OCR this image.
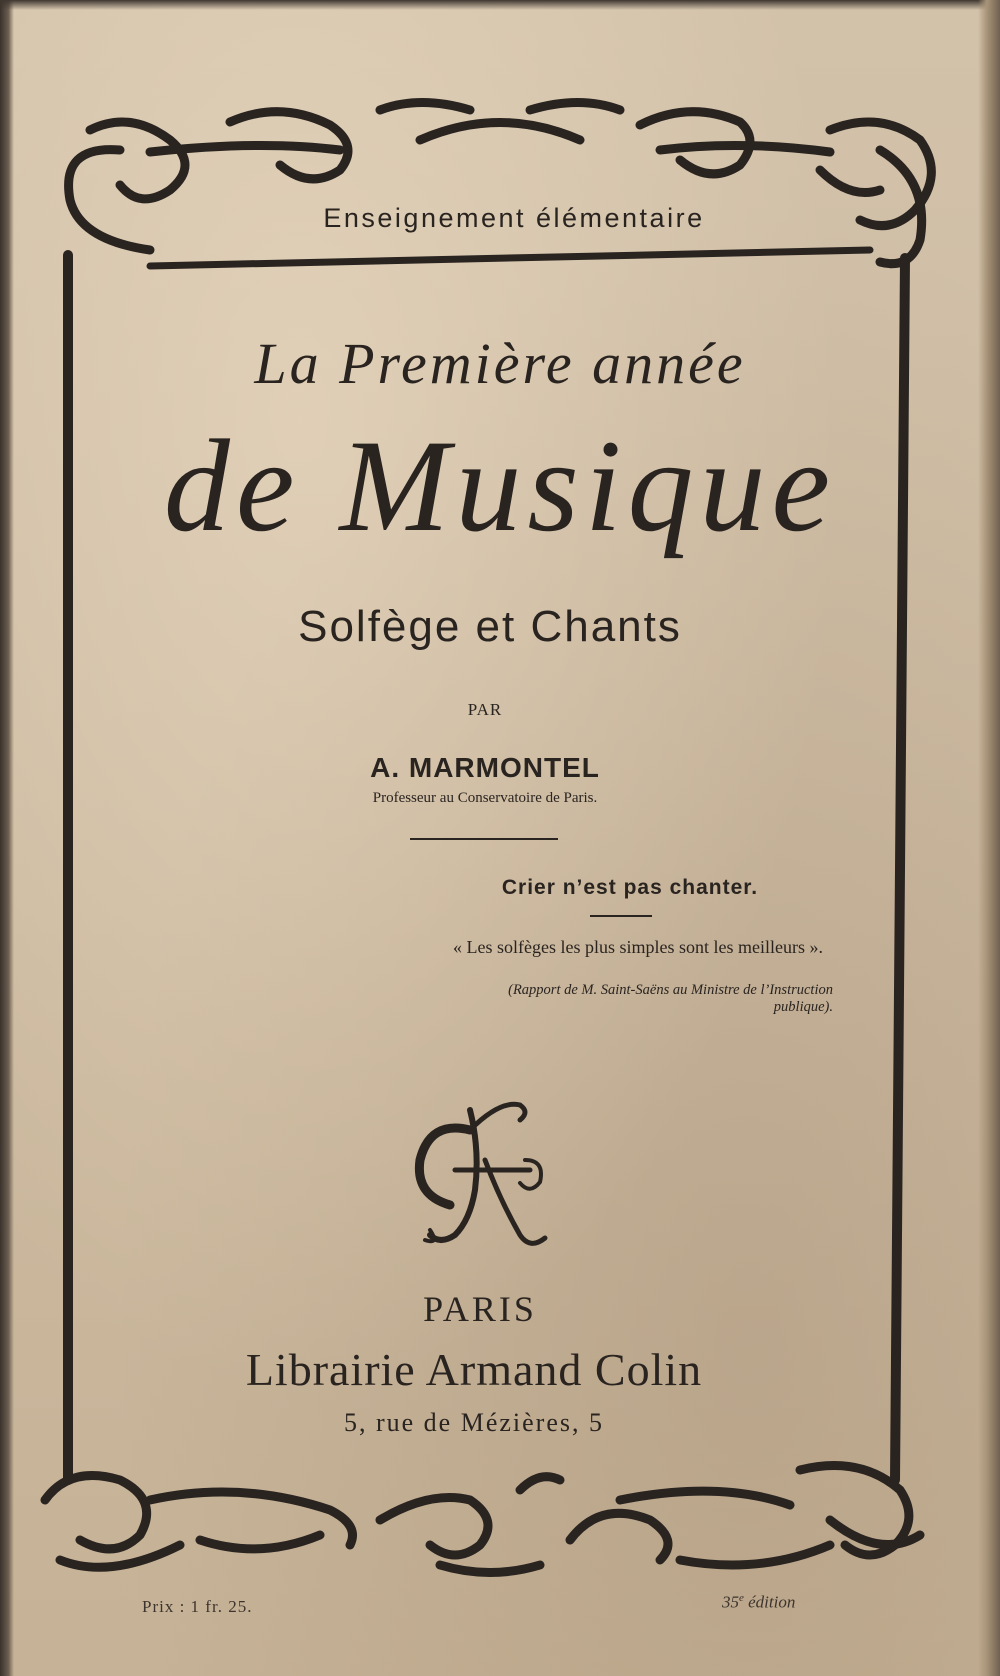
Enseignement élémentaire
La Première année
de Musique
Solfège et Chants
PAR
A. MARMONTEL
Professeur au Conservatoire de Paris.
Crier n’est pas chanter.
« Les solfèges les plus simples sont les meilleurs ».
(Rapport de M. Saint-Saëns au Ministre de l’Instruction publique).
PARIS
Librairie Armand Colin
5, rue de Mézières, 5
Prix : 1 fr. 25.	35e édition
